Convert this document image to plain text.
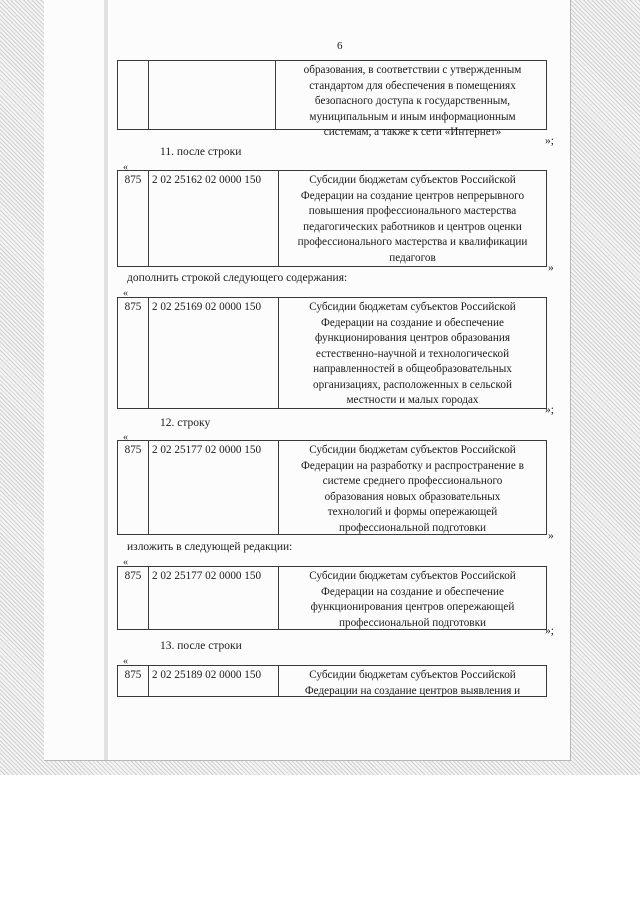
6
образования, в соответствии с утвержденным
стандартом для обеспечения в помещениях
безопасного доступа к государственным,
муниципальным и иным информационным
системам, а также к сети «Интернет»
»;
11. после строки
«
875 2 02 25162 02 0000 150	Субсидии бюджетам субъектов Российской
Федерации на создание центров непрерывного
повышения профессионального мастерства
педагогических работников и центров оценки
профессионального мастерства и квалификации
педагогов
»
дополнить строкой следующего содержания:
«
875 2 02 25169 02 0000 150	Субсидии бюджетам субъектов Российской
Федерации на создание и обеспечение
функционирования центров образования
естественно-научной и технологической
направленностей в общеобразовательных
организациях, расположенных в сельской
местности и малых городах
»;
12. строку
«
875 2 02 25177 02 0000 150	Субсидии бюджетам субъектов Российской
Федерации на разработку и распространение в
системе среднего профессионального
образования новых образовательных
технологий и формы опережающей
профессиональной подготовки
»
изложить в следующей редакции:
«
875 2 02 25177 02 0000 150	Субсидии бюджетам субъектов Российской
Федерации на создание и обеспечение
функционирования центров опережающей
профессиональной подготовки
»;
13. после строки
«
875 2 02 25189 02 0000 150	Субсидии бюджетам субъектов Российской
Федерации на создание центров выявления и
